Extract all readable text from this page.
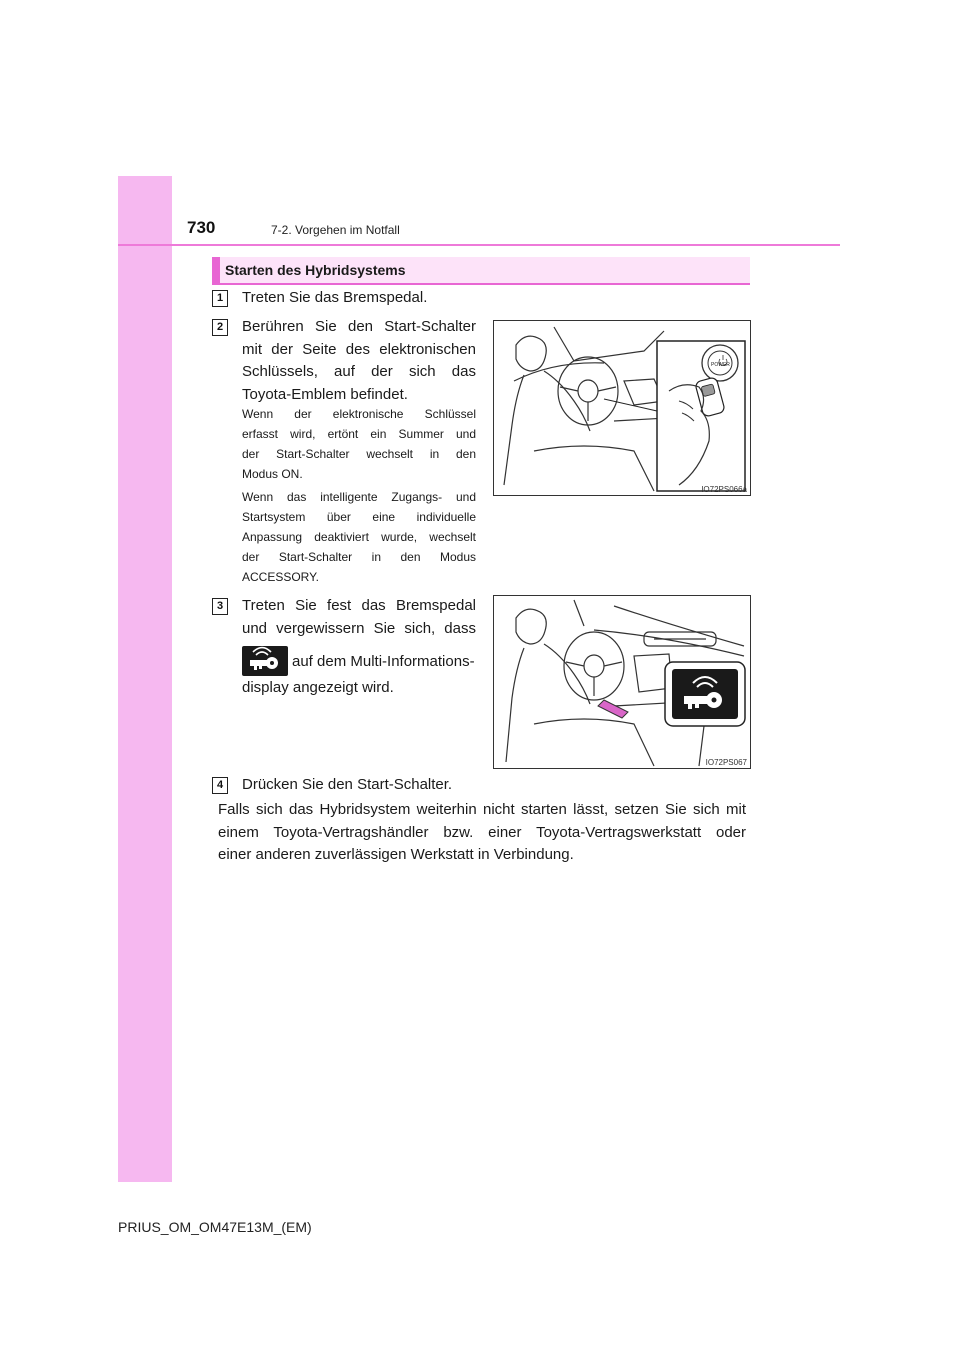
730	7-2. Vorgehen im Notfall
Starten des Hybridsystems
1	Treten Sie das Bremspedal.
2	Berühren Sie den Start-Schalter
mit der Seite des elektronischen
Schlüssels, auf der sich das
Toyota-Emblem befindet.
Wenn der elektronische Schlüssel
erfasst wird, ertönt ein Summer und
der Start-Schalter wechselt in den
Modus ON.
Wenn das intelligente Zugangs- und
Startsystem über eine individuelle
Anpassung deaktiviert wurde, wechselt
der Start-Schalter in den Modus
ACCESSORY.
POWER
IO72PS066a
3	Treten Sie fest das Bremspedal
und vergewissern Sie sich, dass
auf dem Multi-Informations-
display angezeigt wird.
IO72PS067
4	Drücken Sie den Start-Schalter.
Falls sich das Hybridsystem weiterhin nicht starten lässt, setzen Sie sich mit
einem Toyota-Vertragshändler bzw. einer Toyota-Vertragswerkstatt oder
einer anderen zuverlässigen Werkstatt in Verbindung.
PRIUS_OM_OM47E13M_(EM)
